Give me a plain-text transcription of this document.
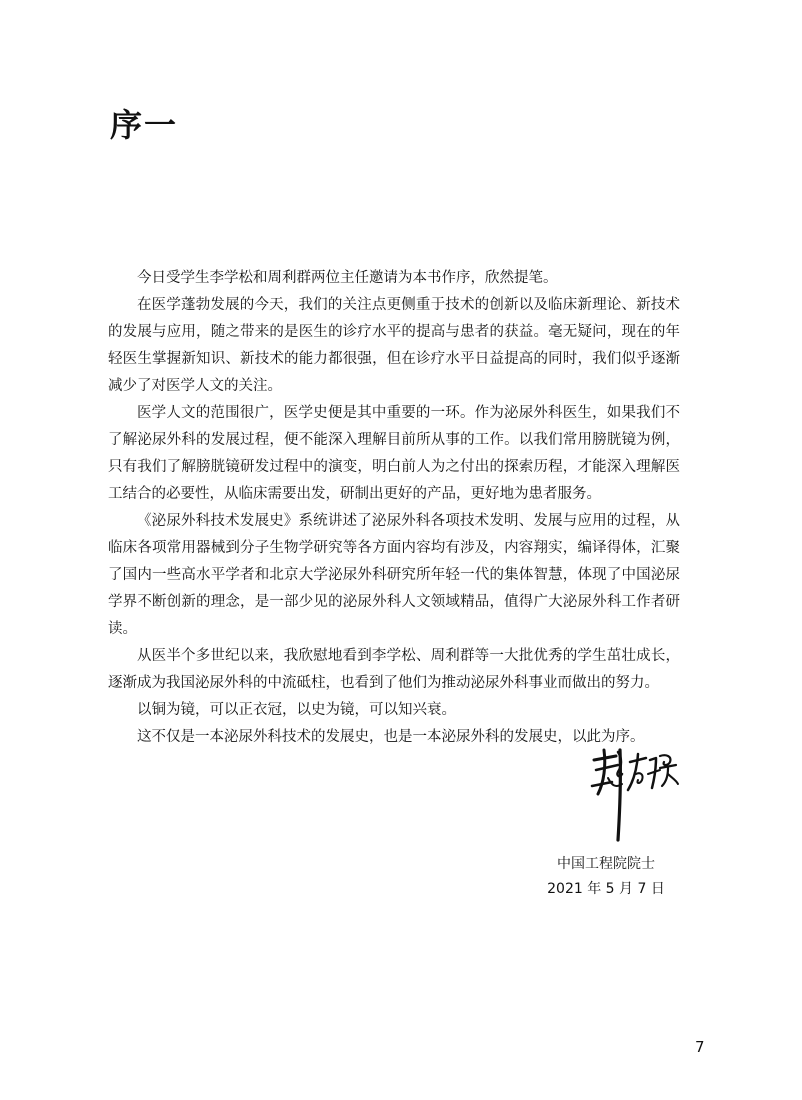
序一

今日受学生李学松和周利群两位主任邀请为本书作序，欣然提笔。

在医学蓬勃发展的今天，我们的关注点更侧重于技术的创新以及临床新理论、新技术的发展与应用，随之带来的是医生的诊疗水平的提高与患者的获益。毫无疑问，现在的年轻医生掌握新知识、新技术的能力都很强，但在诊疗水平日益提高的同时，我们似乎逐渐减少了对医学人文的关注。

医学人文的范围很广，医学史便是其中重要的一环。作为泌尿外科医生，如果我们不了解泌尿外科的发展过程，便不能深入理解目前所从事的工作。以我们常用膀胱镜为例，只有我们了解膀胱镜研发过程中的演变，明白前人为之付出的探索历程，才能深入理解医工结合的必要性，从临床需要出发，研制出更好的产品，更好地为患者服务。

《泌尿外科技术发展史》系统讲述了泌尿外科各项技术发明、发展与应用的过程，从临床各项常用器械到分子生物学研究等各方面内容均有涉及，内容翔实，编译得体，汇聚了国内一些高水平学者和北京大学泌尿外科研究所年轻一代的集体智慧，体现了中国泌尿学界不断创新的理念，是一部少见的泌尿外科人文领域精品，值得广大泌尿外科工作者研读。

从医半个多世纪以来，我欣慰地看到李学松、周利群等一大批优秀的学生茁壮成长，逐渐成为我国泌尿外科的中流砥柱，也看到了他们为推动泌尿外科事业而做出的努力。

以铜为镜，可以正衣冠，以史为镜，可以知兴衰。

这不仅是一本泌尿外科技术的发展史，也是一本泌尿外科的发展史，以此为序。

中国工程院院士
2021 年 5 月 7 日
7
